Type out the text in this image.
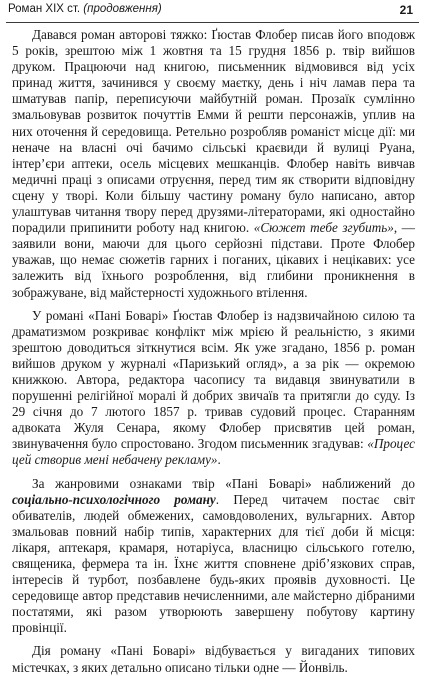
Роман ХІХ ст. (продовження)	21

Давався роман авторові тяжко: Ґюстав Флобер писав його вподовж 5 років, зрештою між 1 жовтня та 15 грудня 1856 р. твір вийшов друком. Працюючи над книгою, письменник відмовився від усіх принад життя, зачинився у своєму маєтку, день і ніч ламав пера та шматував папір, переписуючи майбутній роман. Прозаїк сумлінно змальовував розвиток почуттів Емми й решти персонажів, уплив на них оточення й середовища. Ретельно розробляв романіст місце дії: ми неначе на власні очі бачимо сільські краєвиди й вулиці Руана, інтер’єри аптеки, осель місцевих мешканців. Флобер навіть вивчав медичні праці з описами отруєння, перед тим як створити відповідну сцену у творі. Коли більшу частину роману було написано, автор улаштував читання твору перед друзями-літераторами, які одностайно порадили припинити роботу над книгою. «Сюжет тебе згубить», — заявили вони, маючи для цього серйозні підстави. Проте Флобер уважав, що немає сюжетів гарних і поганих, цікавих і нецікавих: усе залежить від їхнього розроблення, від глибини проникнення в зображуване, від майстерності художнього втілення.

У романі «Пані Боварі» Ґюстав Флобер із надзвичайною силою та драматизмом розкриває конфлікт між мрією й реальністю, з якими зрештою доводиться зіткнутися всім. Як уже згадано, 1856 р. роман вийшов друком у журналі «Паризький огляд», а за рік — окремою книжкою. Автора, редактора часопису та видавця звинуватили в порушенні релігійної моралі й добрих звичаїв та притягли до суду. Із 29 січня до 7 лютого 1857 р. тривав судовий процес. Старанням адвоката Жуля Сенара, якому Флобер присвятив цей роман, звинувачення було спростовано. Згодом письменник згадував: «Процес цей створив мені небачену рекламу».

За жанровими ознаками твір «Пані Боварі» наближений до соціально-психологічного роману. Перед читачем постає світ обивателів, людей обмежених, самовдоволених, вульгарних. Автор змальовав повний набір типів, характерних для тієї доби й місця: лікаря, аптекаря, крамаря, нотаріуса, власницю сільського готелю, священика, фермера та ін. Їхнє життя сповнене дріб’язкових справ, інтересів й турбот, позбавлене будь-яких проявів духовності. Це середовище автор представив нечисленними, але майстерно дібраними постатями, які разом утворюють завершену побутову картину провінції.

Дія роману «Пані Боварі» відбувається у вигаданих типових містечках, з яких детально описано тільки одне — Йонвіль.
